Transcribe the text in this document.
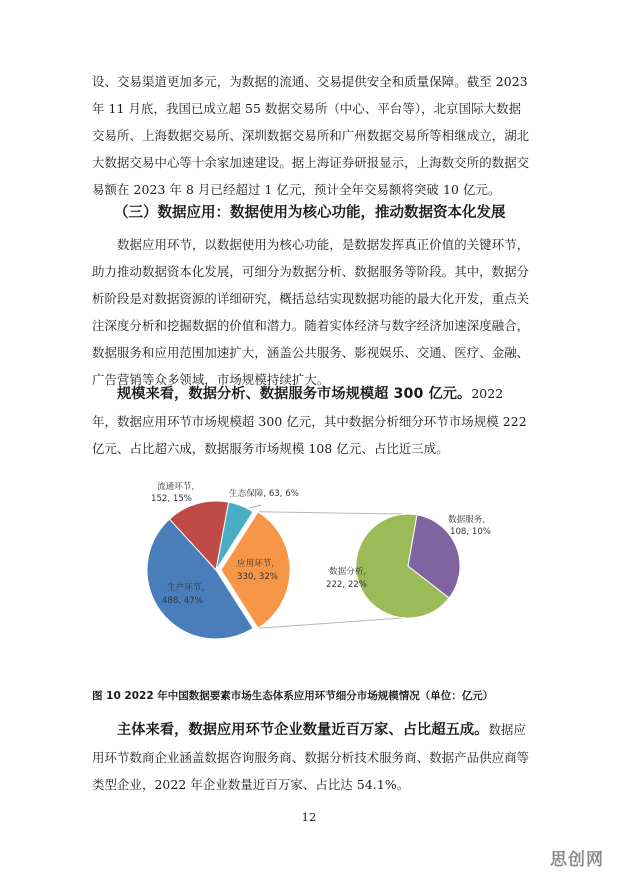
设、交易渠道更加多元，为数据的流通、交易提供安全和质量保障。截至 2023 年 11 月底，我国已成立超 55 数据交易所（中心、平台等），北京国际大数据交易所、上海数据交易所、深圳数据交易所和广州数据交易所等相继成立，湖北大数据交易中心等十余家加速建设。据上海证券研报显示，上海数交所的数据交易额在 2023 年 8 月已经超过 1 亿元，预计全年交易额将突破 10 亿元。

（三）数据应用：数据使用为核心功能，推动数据资本化发展

数据应用环节，以数据使用为核心功能，是数据发挥真正价值的关键环节，助力推动数据资本化发展，可细分为数据分析、数据服务等阶段。其中，数据分析阶段是对数据资源的详细研究，概括总结实现数据功能的最大化开发，重点关注深度分析和挖掘数据的价值和潜力。随着实体经济与数字经济加速深度融合，数据服务和应用范围加速扩大，涵盖公共服务、影视娱乐、交通、医疗、金融、广告营销等众多领域，市场规模持续扩大。

规模来看，数据分析、数据服务市场规模超 300 亿元。2022 年，数据应用环节市场规模超 300 亿元，其中数据分析细分环节市场规模 222 亿元、占比超六成，数据服务市场规模 108 亿元、占比近三成。

流通环节，
152, 15%	生态保障, 63, 6%
应用环节，
330, 32%
生产环节，
488, 47%
数据服务，
108, 10%
数据分析，
222, 22%
图 10 2022 年中国数据要素市场生态体系应用环节细分市场规模情况（单位：亿元）

主体来看，数据应用环节企业数量近百万家、占比超五成。数据应用环节数商企业涵盖数据咨询服务商、数据分析技术服务商、数据产品供应商等类型企业，2022 年企业数量近百万家、占比达 54.1%。

12
思创网
